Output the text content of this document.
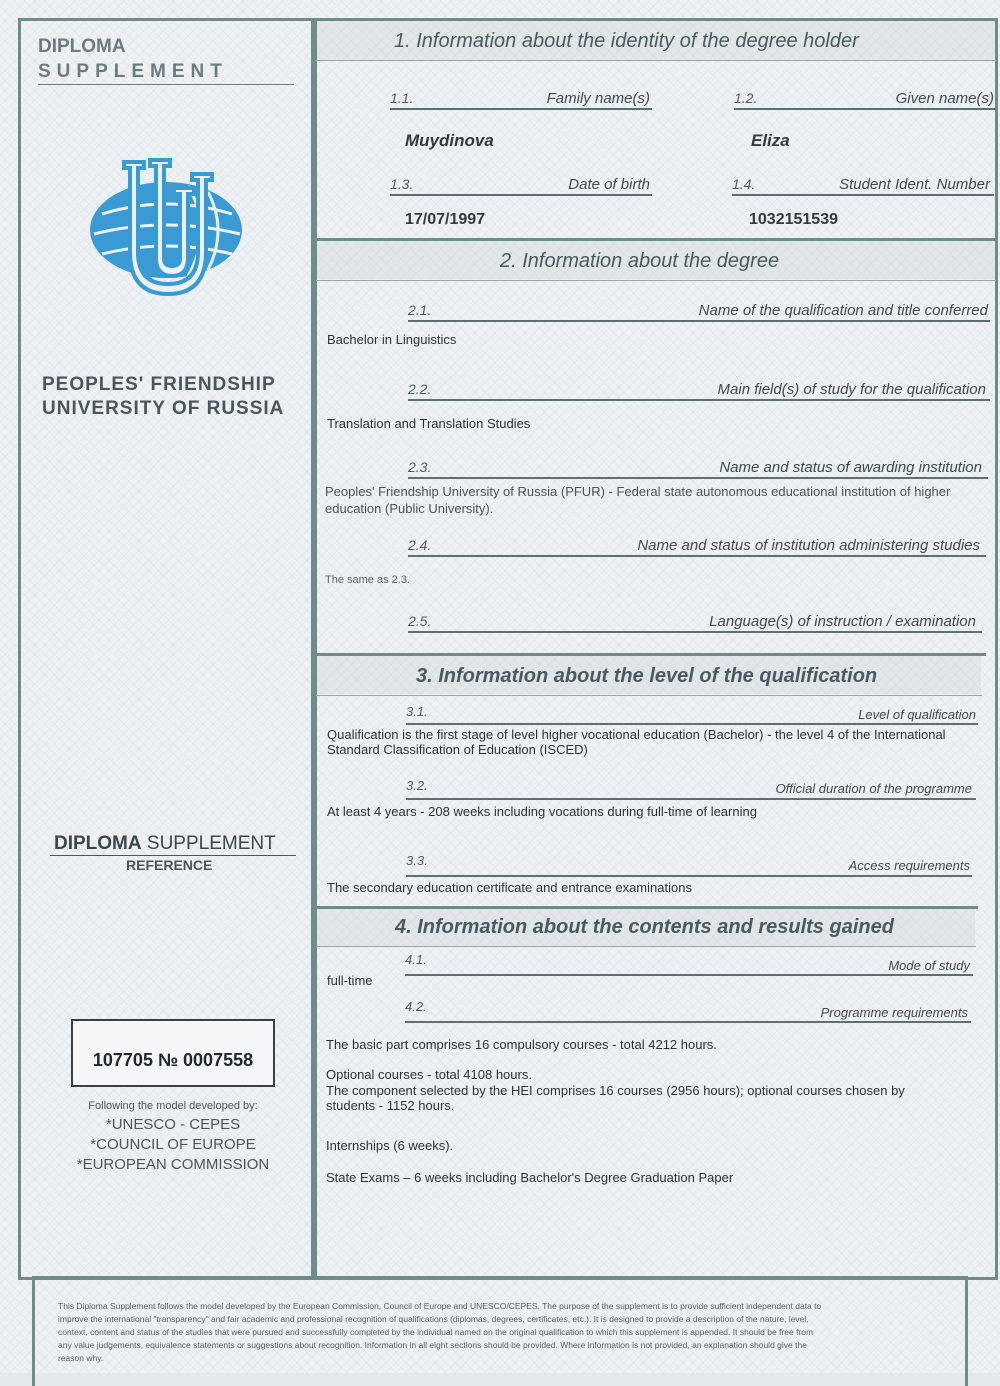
DIPLOMA
SUPPLEMENT
PEOPLES' FRIENDSHIP
UNIVERSITY OF RUSSIA
DIPLOMA SUPPLEMENT
REFERENCE
107705 № 0007558
Following the model developed by:
*UNESCO - CEPES
*COUNCIL OF EUROPE
*EUROPEAN COMMISSION
1. Information about the identity of the degree holder
1.1.	Family name(s)
Muydinova
1.2.	Given name(s)
Eliza
1.3.	Date of birth
17/07/1997
1.4.	Student Ident. Number
1032151539
2. Information about the degree
2.1.	Name of the qualification and title conferred
Bachelor in Linguistics
2.2.	Main field(s) of study for the qualification
Translation and Translation Studies
2.3.	Name and status of awarding institution
Peoples' Friendship University of Russia (PFUR) - Federal state autonomous educational institution of higher
education (Public University).
2.4.	Name and status of institution administering studies
The same as 2.3.
2.5.	Language(s) of instruction / examination
3. Information about the level of the qualification
3.1.	Level of qualification
Qualification is the first stage of level higher vocational education (Bachelor) - the level 4 of the International
Standard Classification of Education (ISCED)
3.2.	Official duration of the programme
At least 4 years - 208 weeks including vocations during full-time of learning
3.3.	Access requirements
The secondary education certificate and entrance examinations
4. Information about the contents and results gained
4.1.	Mode of study
full-time
4.2.	Programme requirements
The basic part comprises 16 compulsory courses - total 4212 hours.
Optional courses - total 4108 hours.
The component selected by the HEI comprises 16 courses (2956 hours); optional courses chosen by
students - 1152 hours.
Internships (6 weeks).
State Exams – 6 weeks including Bachelor's Degree Graduation Paper
This Diploma Supplement follows the model developed by the European Commission, Council of Europe and UNESCO/CEPES. The purpose of the supplement is to provide sufficient independent data to
improve the international "transparency" and fair academic and professional recognition of qualifications (diplomas, degrees, certificates, etc.). It is designed to provide a description of the nature, level,
context, content and status of the studies that were pursued and successfully completed by the individual named on the original qualification to which this supplement is appended. It should be free from
any value judgements, equivalence statements or suggestions about recognition. Information in all eight sections should be provided. Where information is not provided, an explanation should give the
reason why.
